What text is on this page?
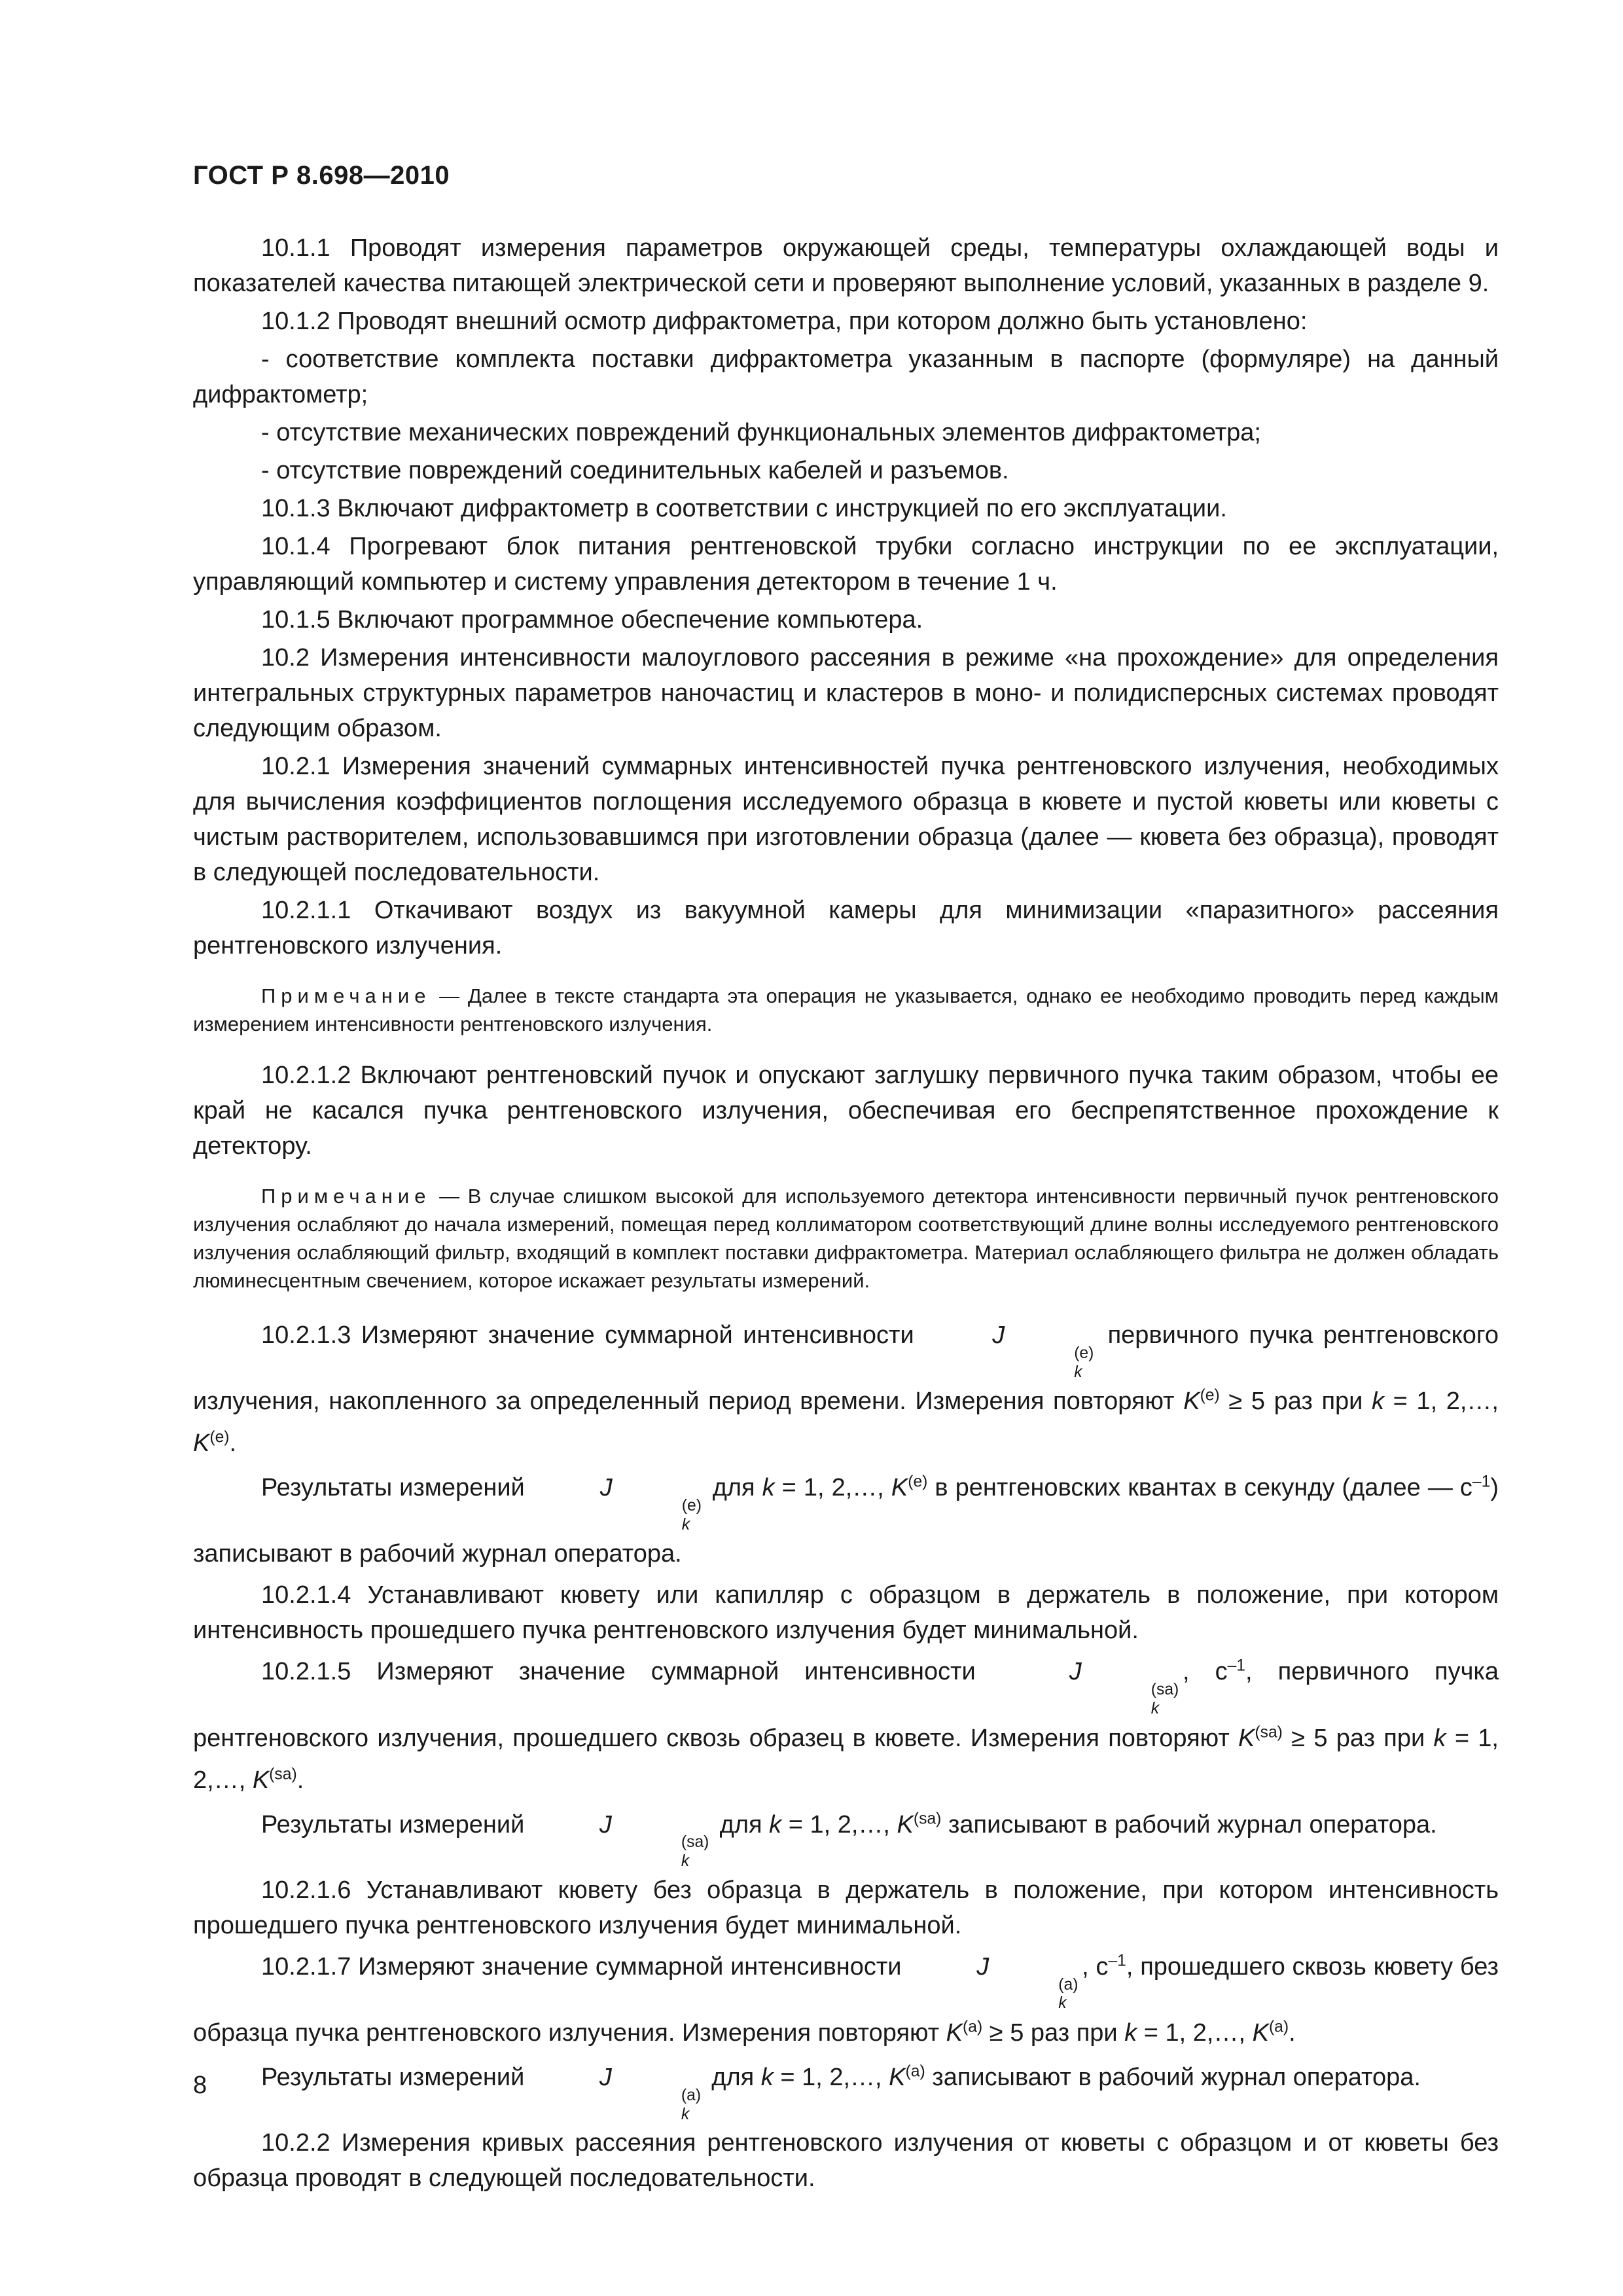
ГОСТ Р 8.698—2010

10.1.1 Проводят измерения параметров окружающей среды, температуры охлаждающей воды и показателей качества питающей электрической сети и проверяют выполнение условий, указанных в разделе 9.

10.1.2 Проводят внешний осмотр дифрактометра, при котором должно быть установлено:

- соответствие комплекта поставки дифрактометра указанным в паспорте (формуляре) на данный дифрактометр;

- отсутствие механических повреждений функциональных элементов дифрактометра;

- отсутствие повреждений соединительных кабелей и разъемов.

10.1.3 Включают дифрактометр в соответствии с инструкцией по его эксплуатации.

10.1.4 Прогревают блок питания рентгеновской трубки согласно инструкции по ее эксплуатации, управляющий компьютер и систему управления детектором в течение 1 ч.

10.1.5 Включают программное обеспечение компьютера.

10.2 Измерения интенсивности малоуглового рассеяния в режиме «на прохождение» для определения интегральных структурных параметров наночастиц и кластеров в моно- и полидисперсных системах проводят следующим образом.

10.2.1 Измерения значений суммарных интенсивностей пучка рентгеновского излучения, необходимых для вычисления коэффициентов поглощения исследуемого образца в кювете и пустой кюветы или кюветы с чистым растворителем, использовавшимся при изготовлении образца (далее — кювета без образца), проводят в следующей последовательности.

10.2.1.1 Откачивают воздух из вакуумной камеры для минимизации «паразитного» рассеяния рентгеновского излучения.

Примечание — Далее в тексте стандарта эта операция не указывается, однако ее необходимо проводить перед каждым измерением интенсивности рентгеновского излучения.

10.2.1.2 Включают рентгеновский пучок и опускают заглушку первичного пучка таким образом, чтобы ее край не касался пучка рентгеновского излучения, обеспечивая его беспрепятственное прохождение к детектору.

Примечание — В случае слишком высокой для используемого детектора интенсивности первичный пучок рентгеновского излучения ослабляют до начала измерений, помещая перед коллиматором соответствующий длине волны исследуемого рентгеновского излучения ослабляющий фильтр, входящий в комплект поставки дифрактометра. Материал ослабляющего фильтра не должен обладать люминесцентным свечением, которое искажает результаты измерений.

10.2.1.3 Измеряют значение суммарной интенсивности	J
(e)
k
первичного пучка рентгеновского излучения, накопленного за определенный период времени. Измерения повторяют $K^{(e)} \ge 5$ раз при k = 1, 2,…, $K^{(e)}$.

Результаты измерений	J
(e)
k
для k = 1, 2,…, $K^{(e)}$ в рентгеновских квантах в секунду (далее — $с^{-1}$) записывают в рабочий журнал оператора.

10.2.1.4 Устанавливают кювету или капилляр с образцом в держатель в положение, при котором интенсивность прошедшего пучка рентгеновского излучения будет минимальной.

10.2.1.5 Измеряют значение суммарной интенсивности	J
(sa)
k
, $с^{-1}$, первичного пучка рентгеновского излучения, прошедшего сквозь образец в кювете. Измерения повторяют $K^{(sa)} \ge 5$ раз при k = 1, 2,…, $K^{(sa)}$.

Результаты измерений	J
(sa)
k
для k = 1, 2,…, $K^{(sa)}$ записывают в рабочий журнал оператора.

10.2.1.6 Устанавливают кювету без образца в держатель в положение, при котором интенсивность прошедшего пучка рентгеновского излучения будет минимальной.

10.2.1.7 Измеряют значение суммарной интенсивности	J
(a)
k
, $с^{-1}$, прошедшего сквозь кювету без образца пучка рентгеновского излучения. Измерения повторяют $K^{(a)} \ge 5$ раз при k = 1, 2,…, $K^{(a)}$.

Результаты измерений	J
(a)
k
для k = 1, 2,…, $K^{(a)}$ записывают в рабочий журнал оператора.

10.2.2 Измерения кривых рассеяния рентгеновского излучения от кюветы с образцом и от кюветы без образца проводят в следующей последовательности.

8
